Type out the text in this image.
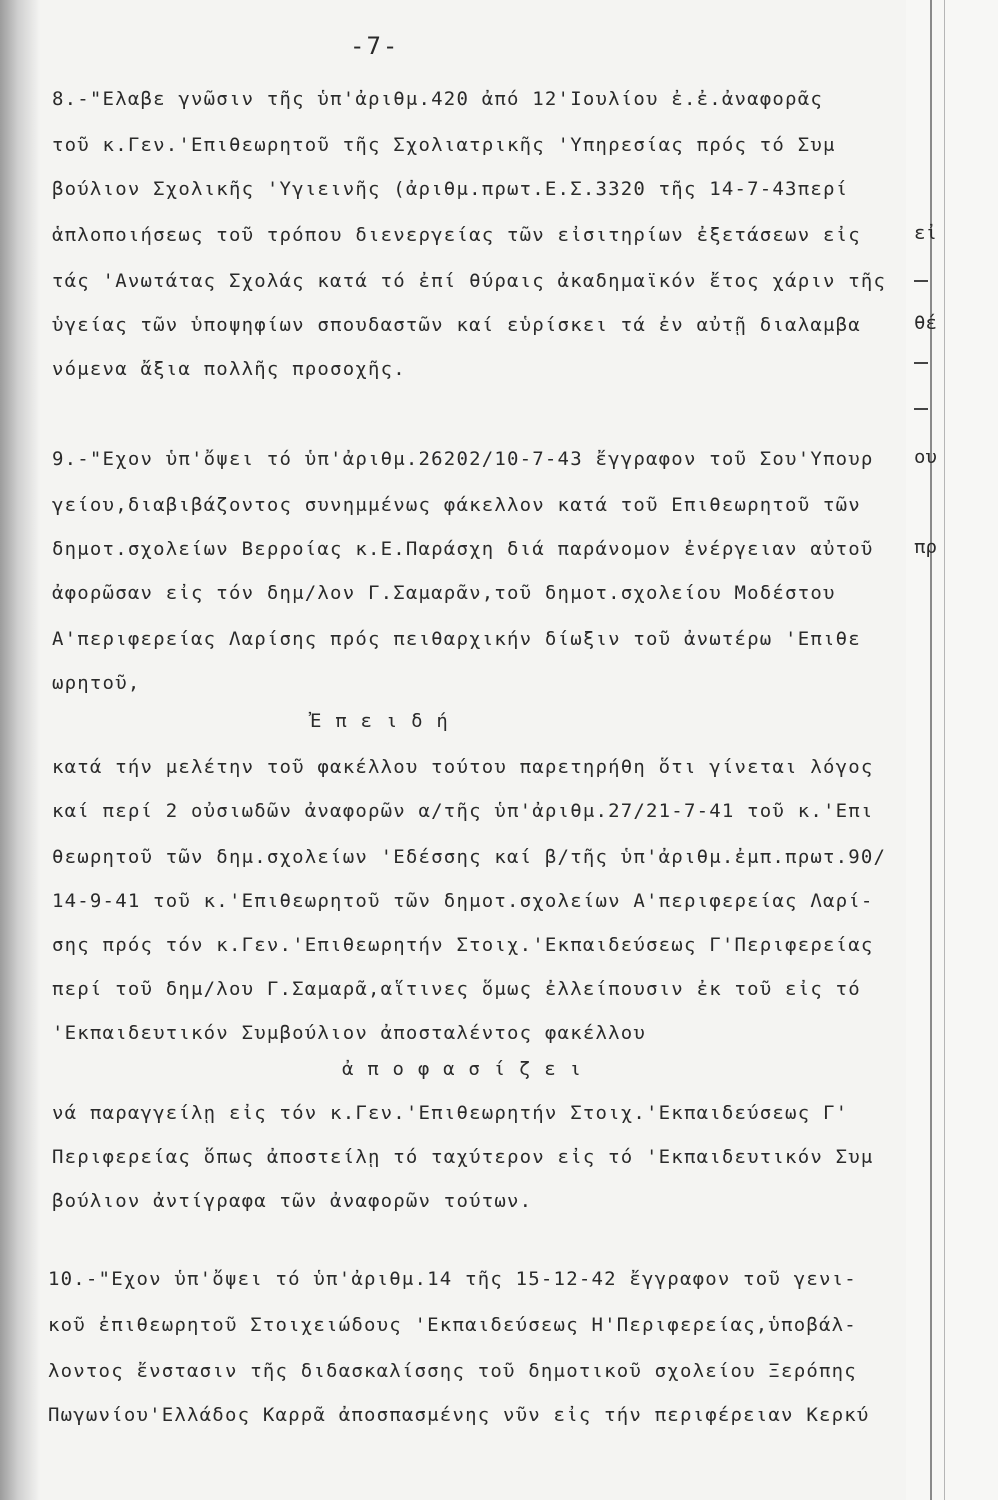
-7-
8.-"Ελαβε γνῶσιν τῆς ὑπ'ἀριθμ.420 ἀπό 12'Ιουλίου ἐ.ἐ.ἀναφορᾶς
τοῦ κ.Γεν.'Επιθεωρητοῦ τῆς Σχολιατρικῆς 'Υπηρεσίας πρός τό Συμ
βούλιον Σχολικῆς 'Υγιεινῆς (ἀριθμ.πρωτ.Ε.Σ.3320 τῆς 14-7-43περί
ἁπλοποιήσεως τοῦ τρόπου διενεργείας τῶν εἰσιτηρίων ἐξετάσεων εἰς
τάς 'Ανωτάτας Σχολάς κατά τό ἐπί θύραις ἀκαδημαϊκόν ἔτος χάριν τῆς
ὑγείας τῶν ὑποψηφίων σπουδαστῶν καί εὑρίσκει τά ἐν αὐτῇ διαλαμβα
νόμενα ἄξια πολλῆς προσοχῆς.
9.-"Εχον ὑπ'ὄψει τό ὑπ'ἀριθμ.26202/10-7-43 ἔγγραφον τοῦ Σου'Υπουρ
γείου,διαβιβάζοντος συνημμένως φάκελλον κατά τοῦ Επιθεωρητοῦ τῶν
δημοτ.σχολείων Βερροίας κ.Ε.Παράσχη διά παράνομον ἐνέργειαν αὐτοῦ
ἀφορῶσαν εἰς τόν δημ/λον Γ.Σαμαρᾶν,τοῦ δημοτ.σχολείου Μοδέστου
Α'περιφερείας Λαρίσης πρός πειθαρχικήν δίωξιν τοῦ ἀνωτέρω 'Επιθε
ωρητοῦ,
Ἐ π ε ι δ ή
κατά τήν μελέτην τοῦ φακέλλου τούτου παρετηρήθη ὅτι γίνεται λόγος
καί περί 2 οὐσιωδῶν ἀναφορῶν α/τῆς ὑπ'ἀριθμ.27/21-7-41 τοῦ κ.'Επι
θεωρητοῦ τῶν δημ.σχολείων 'Εδέσσης καί β/τῆς ὑπ'ἀριθμ.ἐμπ.πρωτ.90/
14-9-41 τοῦ κ.'Επιθεωρητοῦ τῶν δημοτ.σχολείων Α'περιφερείας Λαρί-
σης πρός τόν κ.Γεν.'Επιθεωρητήν Στοιχ.'Εκπαιδεύσεως Γ'Περιφερείας
περί τοῦ δημ/λου Γ.Σαμαρᾶ,αἵτινες ὅμως ἐλλείπουσιν ἐκ τοῦ εἰς τό
'Εκπαιδευτικόν Συμβούλιον ἀποσταλέντος φακέλλου
ἀ π ο φ α σ ί ζ ε ι
νά παραγγείλῃ εἰς τόν κ.Γεν.'Επιθεωρητήν Στοιχ.'Εκπαιδεύσεως Γ'
Περιφερείας ὅπως ἀποστείλῃ τό ταχύτερον εἰς τό 'Εκπαιδευτικόν Συμ
βούλιον ἀντίγραφα τῶν ἀναφορῶν τούτων.
10.-"Εχον ὑπ'ὄψει τό ὑπ'ἀριθμ.14 τῆς 15-12-42 ἔγγραφον τοῦ γενι-
κοῦ ἐπιθεωρητοῦ Στοιχειώδους 'Εκπαιδεύσεως Η'Περιφερείας,ὑποβάλ-
λοντος ἔνστασιν τῆς διδασκαλίσσης τοῦ δημοτικοῦ σχολείου Ξερόπης
Πωγωνίου'Ελλάδος Καρρᾶ ἀποσπασμένης νῦν εἰς τήν περιφέρειαν Κερκύ
εἰ
θέ
ου
πρ
